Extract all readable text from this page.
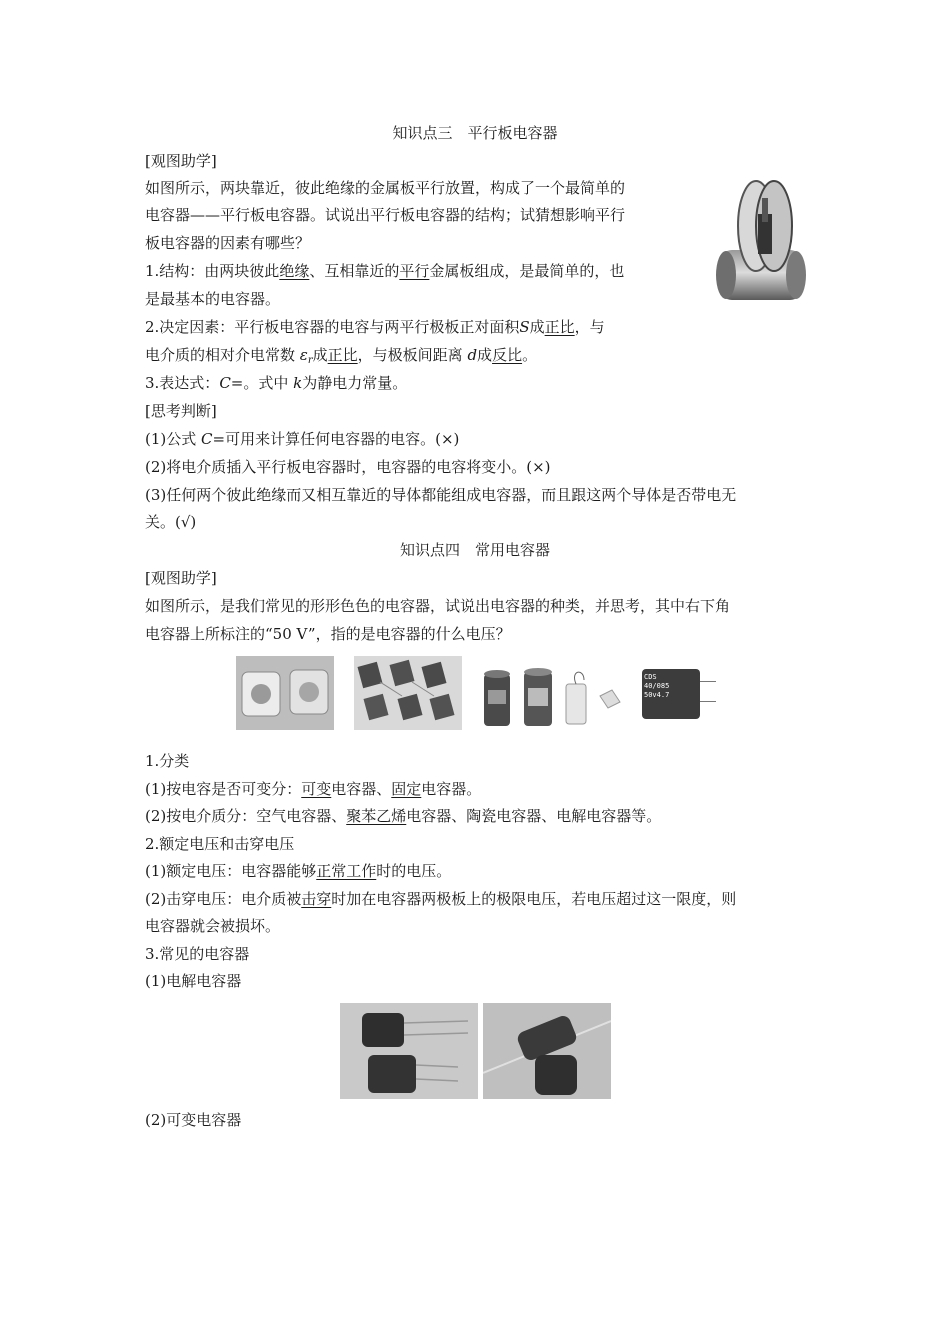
知识点三　平行板电容器
[观图助学]
如图所示，两块靠近，彼此绝缘的金属板平行放置，构成了一个最简单的
电容器——平行板电容器。试说出平行板电容器的结构；试猜想影响平行
板电容器的因素有哪些？
1.结构：由两块彼此绝缘、互相靠近的平行金属板组成，是最简单的，也
是最基本的电容器。
2.决定因素：平行板电容器的电容与两平行极板正对面积S成正比，与
电介质的相对介电常数 $\varepsilon_r$成正比，与极板间距离 d成反比。
3.表达式：C=。式中 k为静电力常量。
[思考判断]
(1)公式 C=可用来计算任何电容器的电容。(×)
(2)将电介质插入平行板电容器时，电容器的电容将变小。(×)
(3)任何两个彼此绝缘而又相互靠近的导体都能组成电容器，而且跟这两个导体是否带电无
关。(√)
知识点四　常用电容器
[观图助学]
如图所示，是我们常见的形形色色的电容器，试说出电容器的种类，并思考，其中右下角
电容器上所标注的“50 V”，指的是电容器的什么电压？
CDS
40/085
50v4.7
1.分类
(1)按电容是否可变分：可变电容器、固定电容器。
(2)按电介质分：空气电容器、聚苯乙烯电容器、陶瓷电容器、电解电容器等。
2.额定电压和击穿电压
(1)额定电压：电容器能够正常工作时的电压。
(2)击穿电压：电介质被击穿时加在电容器两极板上的极限电压，若电压超过这一限度，则
电容器就会被损坏。
3.常见的电容器
(1)电解电容器
(2)可变电容器
